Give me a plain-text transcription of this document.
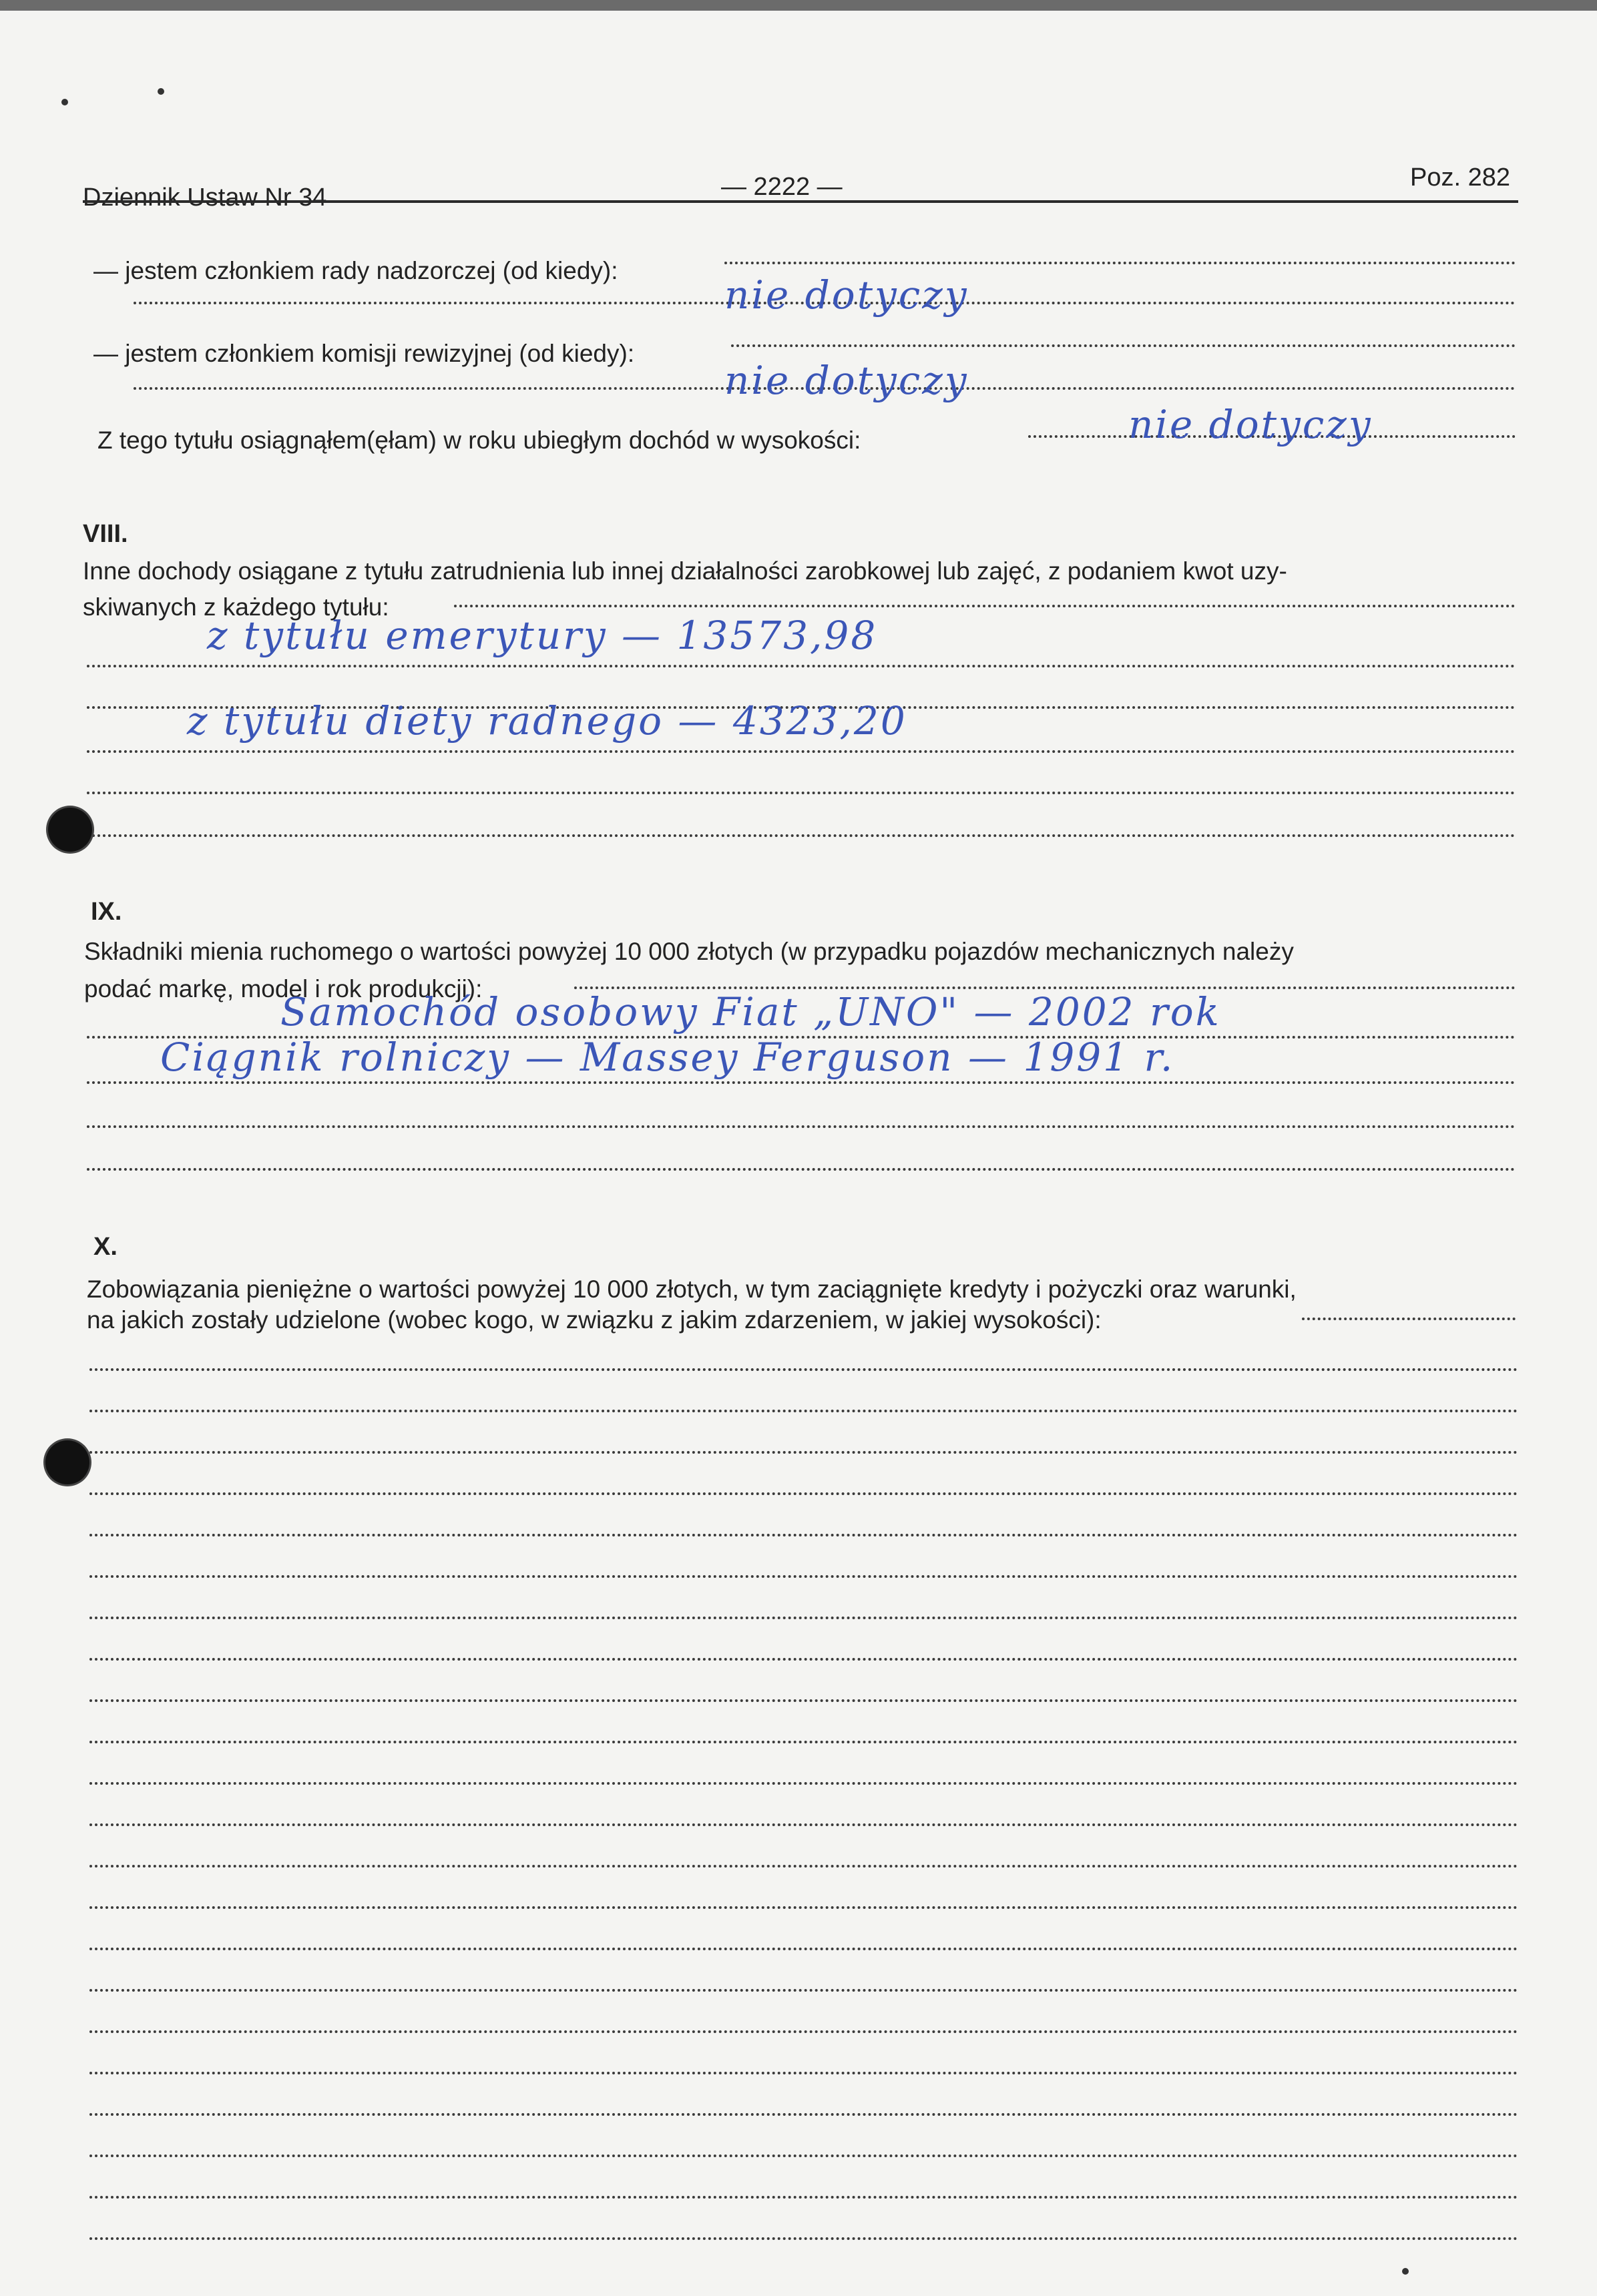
Dziennik Ustaw Nr 34	— 2222 —	Poz. 282
— jestem członkiem rady nadzorczej (od kiedy):
nie dotyczy
— jestem członkiem komisji rewizyjnej (od kiedy):
nie dotyczy
Z tego tytułu osiągnąłem(ęłam) w roku ubiegłym dochód w wysokości:	nie dotyczy
VIII.
Inne dochody osiągane z tytułu zatrudnienia lub innej działalności zarobkowej lub zajęć, z podaniem kwot uzy-
skiwanych z każdego tytułu:
z tytułu emerytury — 13573,98
z tytułu diety radnego — 4323,20
IX.
Składniki mienia ruchomego o wartości powyżej 10 000 złotych (w przypadku pojazdów mechanicznych należy
podać markę, model i rok produkcji):
Samochód osobowy Fiat „UNO" — 2002 rok
Ciągnik rolniczy — Massey Ferguson — 1991 r.
X.
Zobowiązania pieniężne o wartości powyżej 10 000 złotych, w tym zaciągnięte kredyty i pożyczki oraz warunki,
na jakich zostały udzielone (wobec kogo, w związku z jakim zdarzeniem, w jakiej wysokości):
